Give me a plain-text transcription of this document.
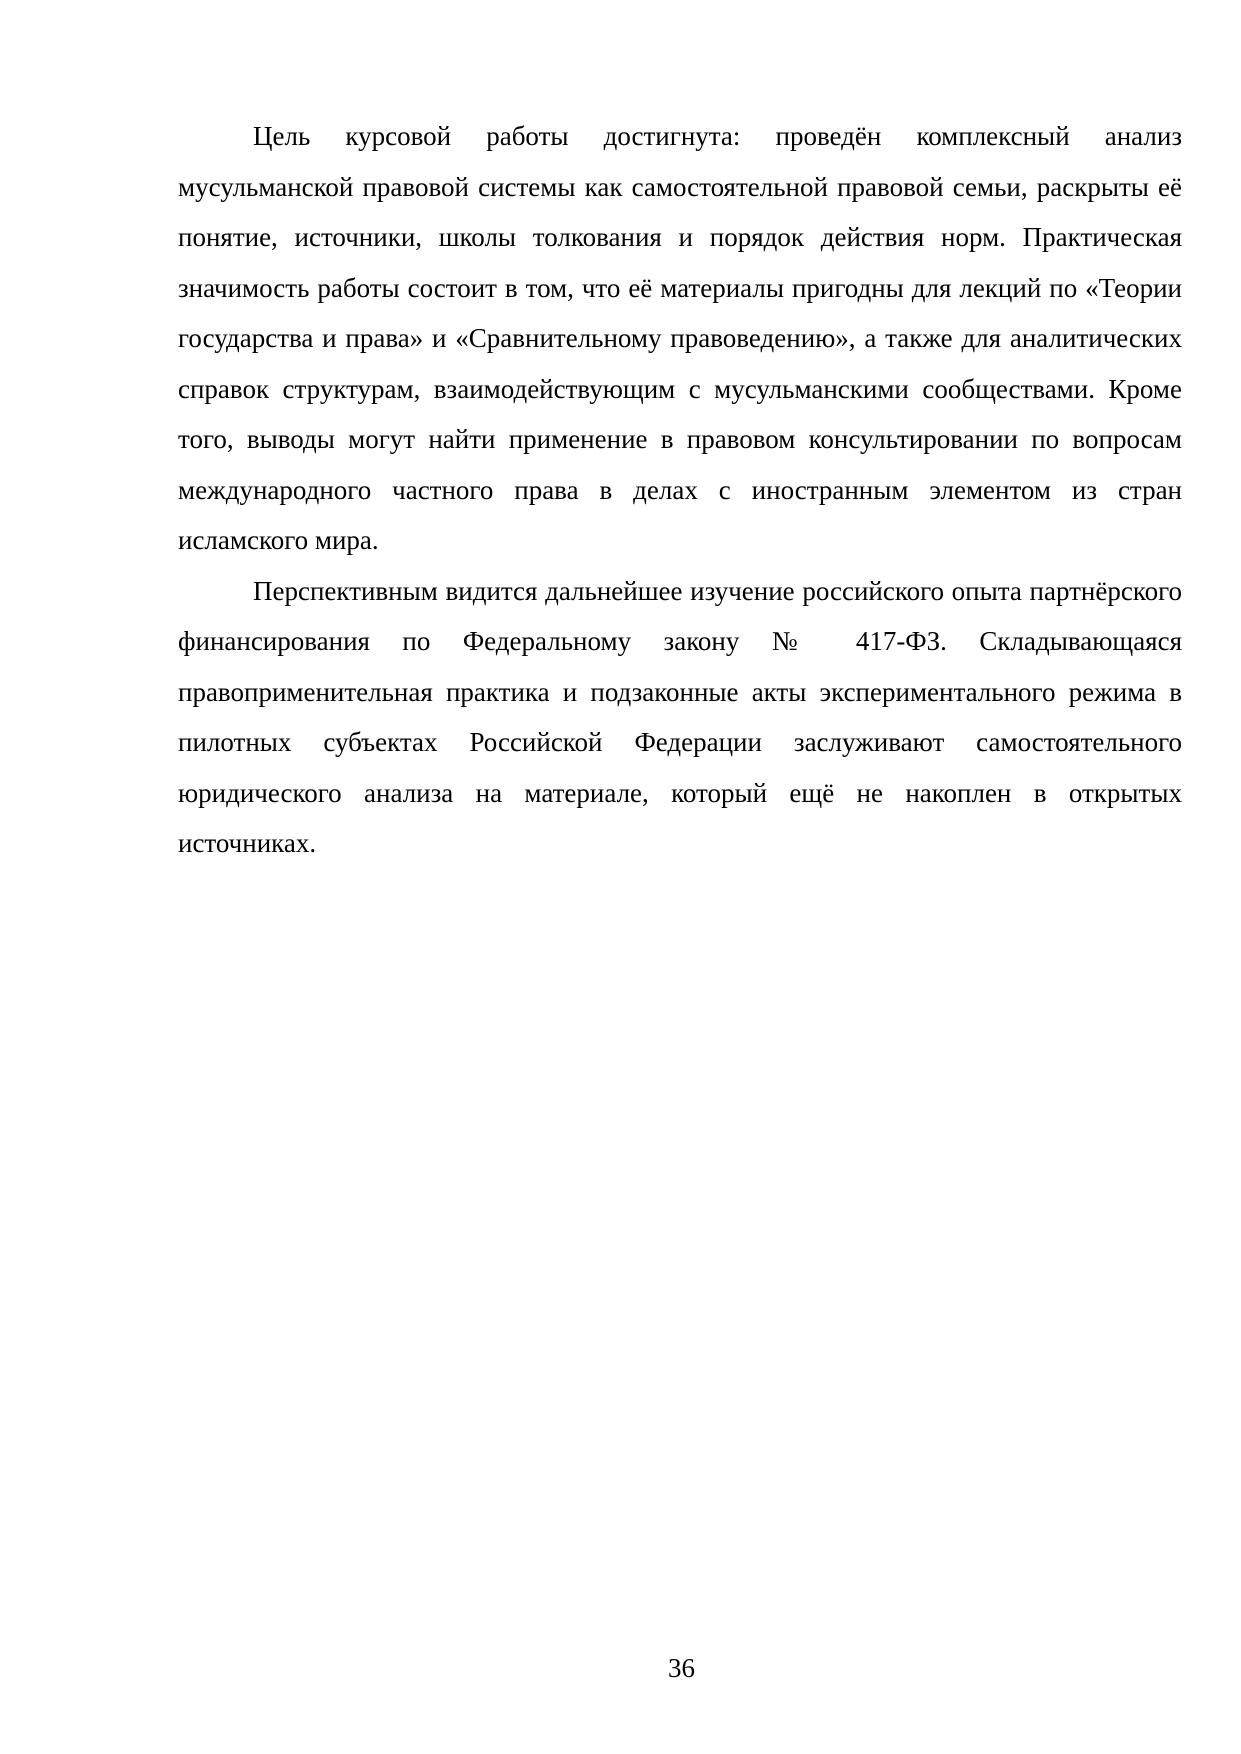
Цель курсовой работы достигнута: проведён комплексный анализ мусульманской правовой системы как самостоятельной правовой семьи, раскрыты её понятие, источники, школы толкования и порядок действия норм. Практическая значимость работы состоит в том, что её материалы пригодны для лекций по «Теории государства и права» и «Сравнительному правоведению», а также для аналитических справок структурам, взаимодействующим с мусульманскими сообществами. Кроме того, выводы могут найти применение в правовом консультировании по вопросам международного частного права в делах с иностранным элементом из стран исламского мира.

Перспективным видится дальнейшее изучение российского опыта партнёрского финансирования по Федеральному закону № 417-ФЗ. Складывающаяся правоприменительная практика и подзаконные акты экспериментального режима в пилотных субъектах Российской Федерации заслуживают самостоятельного юридического анализа на материале, который ещё не накоплен в открытых источниках.

36
